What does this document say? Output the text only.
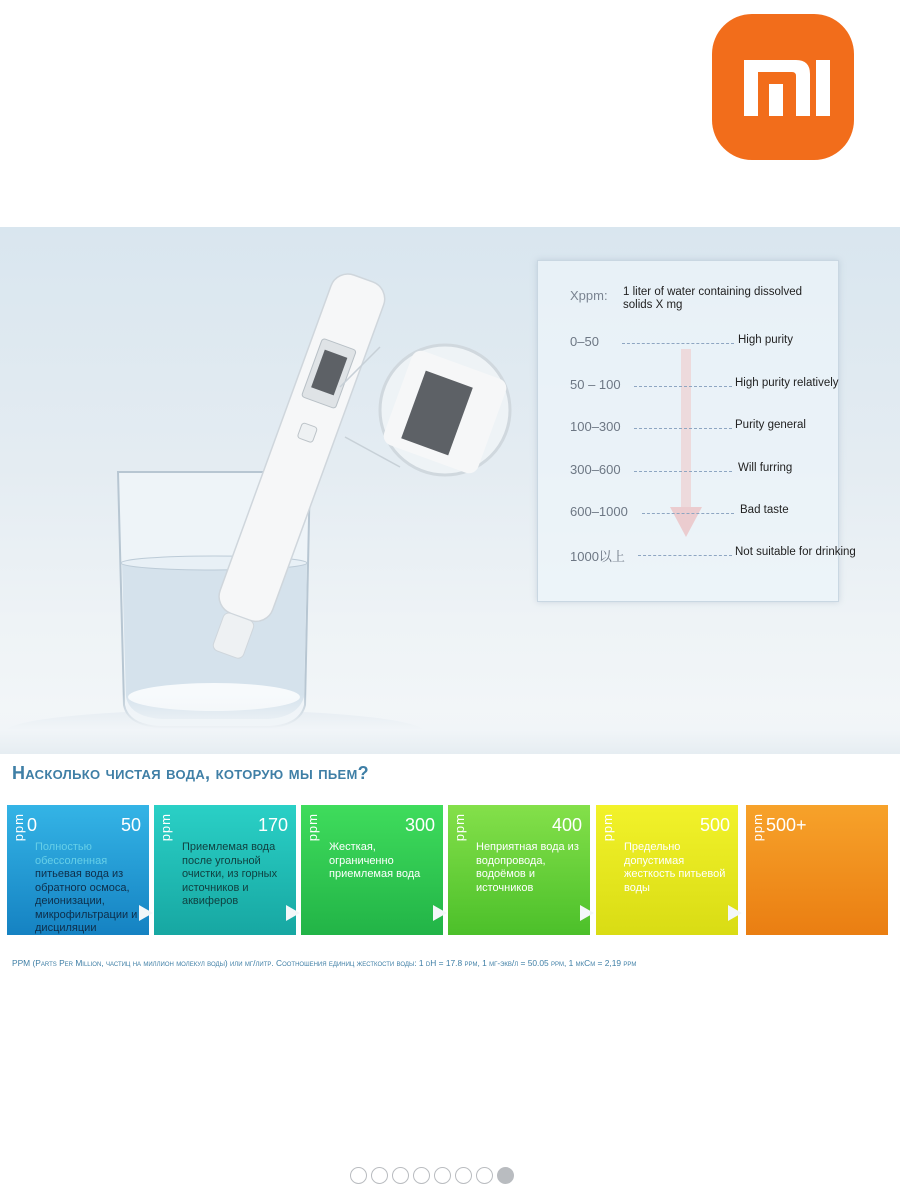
Xppm: 1 liter of water containing dissolved solids X mg
0–50	High purity
50 – 100	High purity relatively
100–300	Purity general
300–600	Will furring
600–1000	Bad taste
1000以上	Not suitable for drinking
Насколько чистая вода, которую мы пьем?
ppm 0	50
Полностью обессоленная
питьевая вода из обратного осмоса, деионизации, микрофильтрации и дисциляции
ppm	170
Приемлемая вода после угольной очистки, из горных источников и аквиферов
ppm	300
Жесткая, ограниченно приемлемая вода
ppm	400
Неприятная вода из водопровода, водоёмов и источников
ppm	500
Предельно допустимая жесткость питьевой воды
ppm 500+
PPM (Parts Per Million, частиц на миллион молекул воды) или мг/литр. Соотношения единиц жесткости воды: 1 dH = 17.8 ppm, 1 мг-экв/л = 50.05 ppm, 1 мкСм = 2,19 ppm
